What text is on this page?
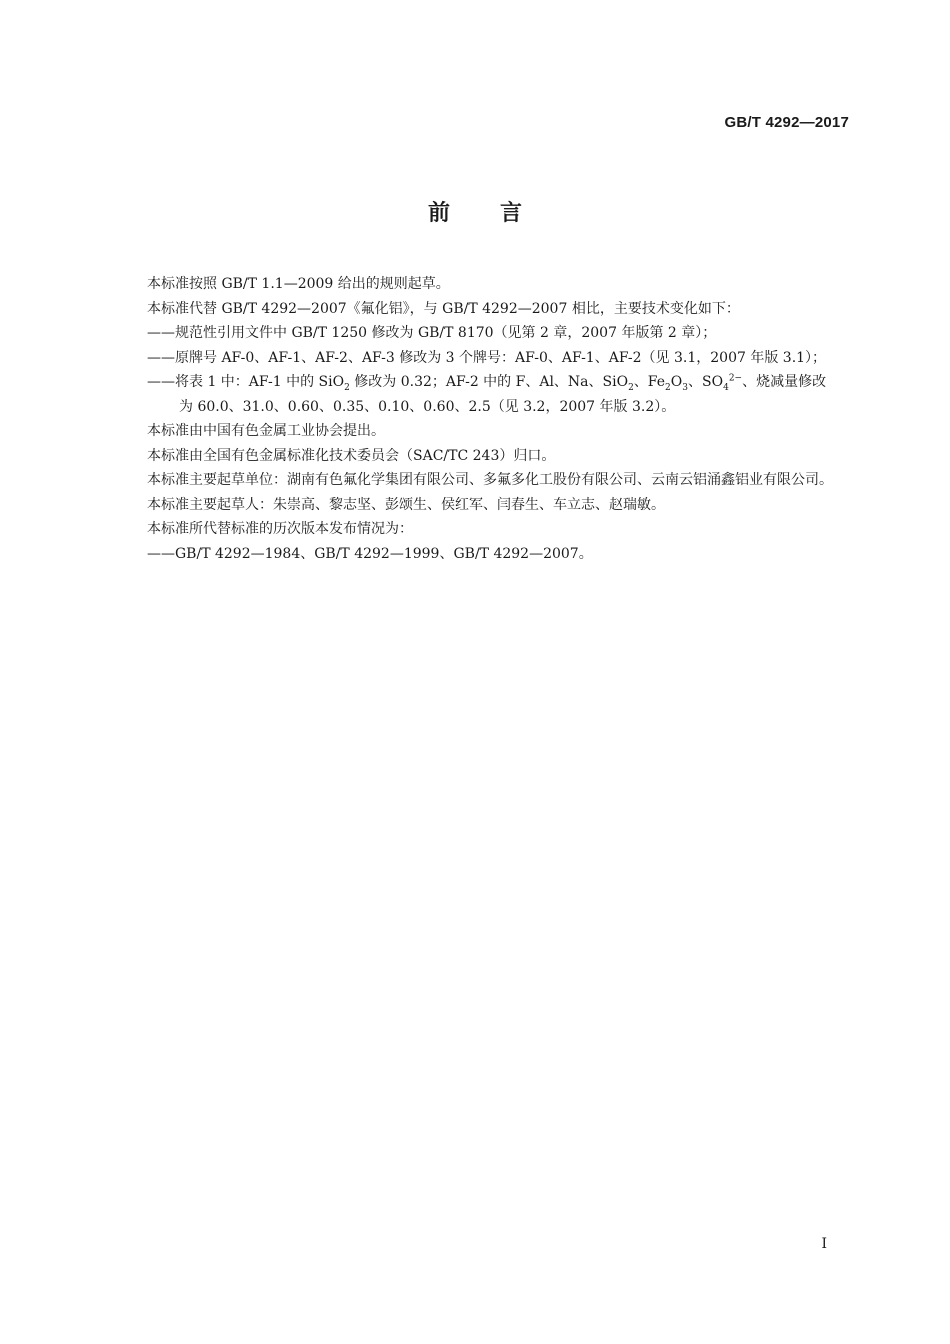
GB/T 4292—2017
前 言

本标准按照 GB/T 1.1—2009 给出的规则起草。

本标准代替 GB/T 4292—2007《氟化铝》，与 GB/T 4292—2007 相比，主要技术变化如下：

——规范性引用文件中 GB/T 1250 修改为 GB/T 8170（见第 2 章，2007 年版第 2 章）；

——原牌号 AF-0、AF-1、AF-2、AF-3 修改为 3 个牌号：AF-0、AF-1、AF-2（见 3.1，2007 年版 3.1）；

——将表 1 中：AF-1 中的 SiO$_2$ 修改为 0.32；AF-2 中的 F、Al、Na、SiO$_2$、$Fe_2O_3$、$SO_4^{2-}$、烧减量修改

为 60.0、31.0、0.60、0.35、0.10、0.60、2.5（见 3.2，2007 年版 3.2）。

本标准由中国有色金属工业协会提出。

本标准由全国有色金属标准化技术委员会（SAC/TC 243）归口。

本标准主要起草单位：湖南有色氟化学集团有限公司、多氟多化工股份有限公司、云南云铝涌鑫铝业有限公司。

本标准主要起草人：朱崇高、黎志坚、彭颂生、侯红军、闫春生、车立志、赵瑞敏。

本标准所代替标准的历次版本发布情况为：

——GB/T 4292—1984、GB/T 4292—1999、GB/T 4292—2007。

Ⅰ
